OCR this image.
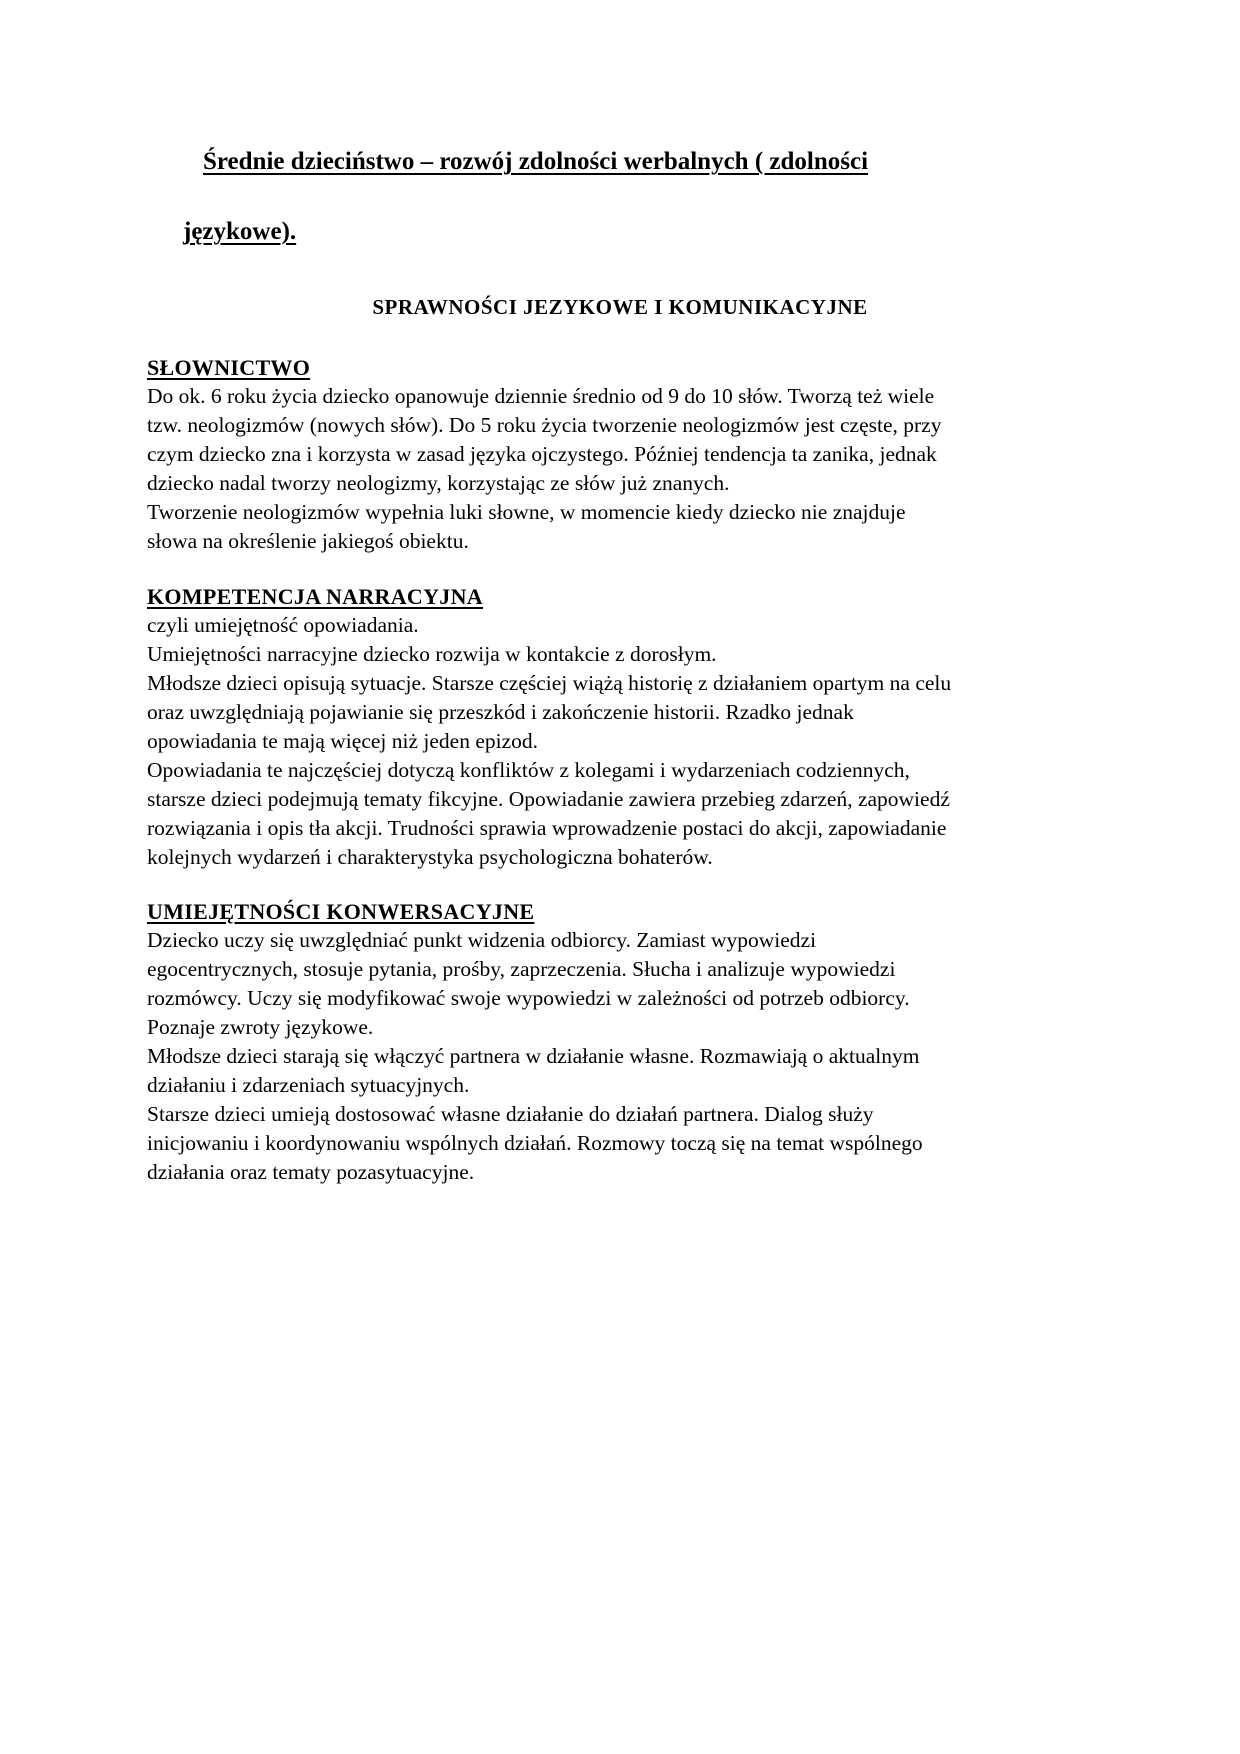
Średnie dzieciństwo – rozwój zdolności werbalnych ( zdolności
językowe).
SPRAWNOŚCI JEZYKOWE I KOMUNIKACYJNE
SŁOWNICTWO
Do ok. 6 roku życia dziecko opanowuje dziennie średnio od 9 do 10 słów. Tworzą też wiele
tzw. neologizmów (nowych słów). Do 5 roku życia tworzenie neologizmów jest częste, przy
czym dziecko zna i korzysta w zasad języka ojczystego. Później tendencja ta zanika, jednak
dziecko nadal tworzy neologizmy, korzystając ze słów już znanych.
Tworzenie neologizmów wypełnia luki słowne, w momencie kiedy dziecko nie znajduje
słowa na określenie jakiegoś obiektu.
KOMPETENCJA NARRACYJNA
czyli umiejętność opowiadania.
Umiejętności narracyjne dziecko rozwija w kontakcie z dorosłym.
Młodsze dzieci opisują sytuacje. Starsze częściej wiążą historię z działaniem opartym na celu
oraz uwzględniają pojawianie się przeszkód i zakończenie historii. Rzadko jednak
opowiadania te mają więcej niż jeden epizod.
Opowiadania te najczęściej dotyczą konfliktów z kolegami i wydarzeniach codziennych,
starsze dzieci podejmują tematy fikcyjne. Opowiadanie zawiera przebieg zdarzeń, zapowiedź
rozwiązania i opis tła akcji. Trudności sprawia wprowadzenie postaci do akcji, zapowiadanie
kolejnych wydarzeń i charakterystyka psychologiczna bohaterów.
UMIEJĘTNOŚCI KONWERSACYJNE
Dziecko uczy się uwzględniać punkt widzenia odbiorcy. Zamiast wypowiedzi
egocentrycznych, stosuje pytania, prośby, zaprzeczenia. Słucha i analizuje wypowiedzi
rozmówcy. Uczy się modyfikować swoje wypowiedzi w zależności od potrzeb odbiorcy.
Poznaje zwroty językowe.
Młodsze dzieci starają się włączyć partnera w działanie własne. Rozmawiają o aktualnym
działaniu i zdarzeniach sytuacyjnych.
Starsze dzieci umieją dostosować własne działanie do działań partnera. Dialog służy
inicjowaniu i koordynowaniu wspólnych działań. Rozmowy toczą się na temat wspólnego
działania oraz tematy pozasytuacyjne.
